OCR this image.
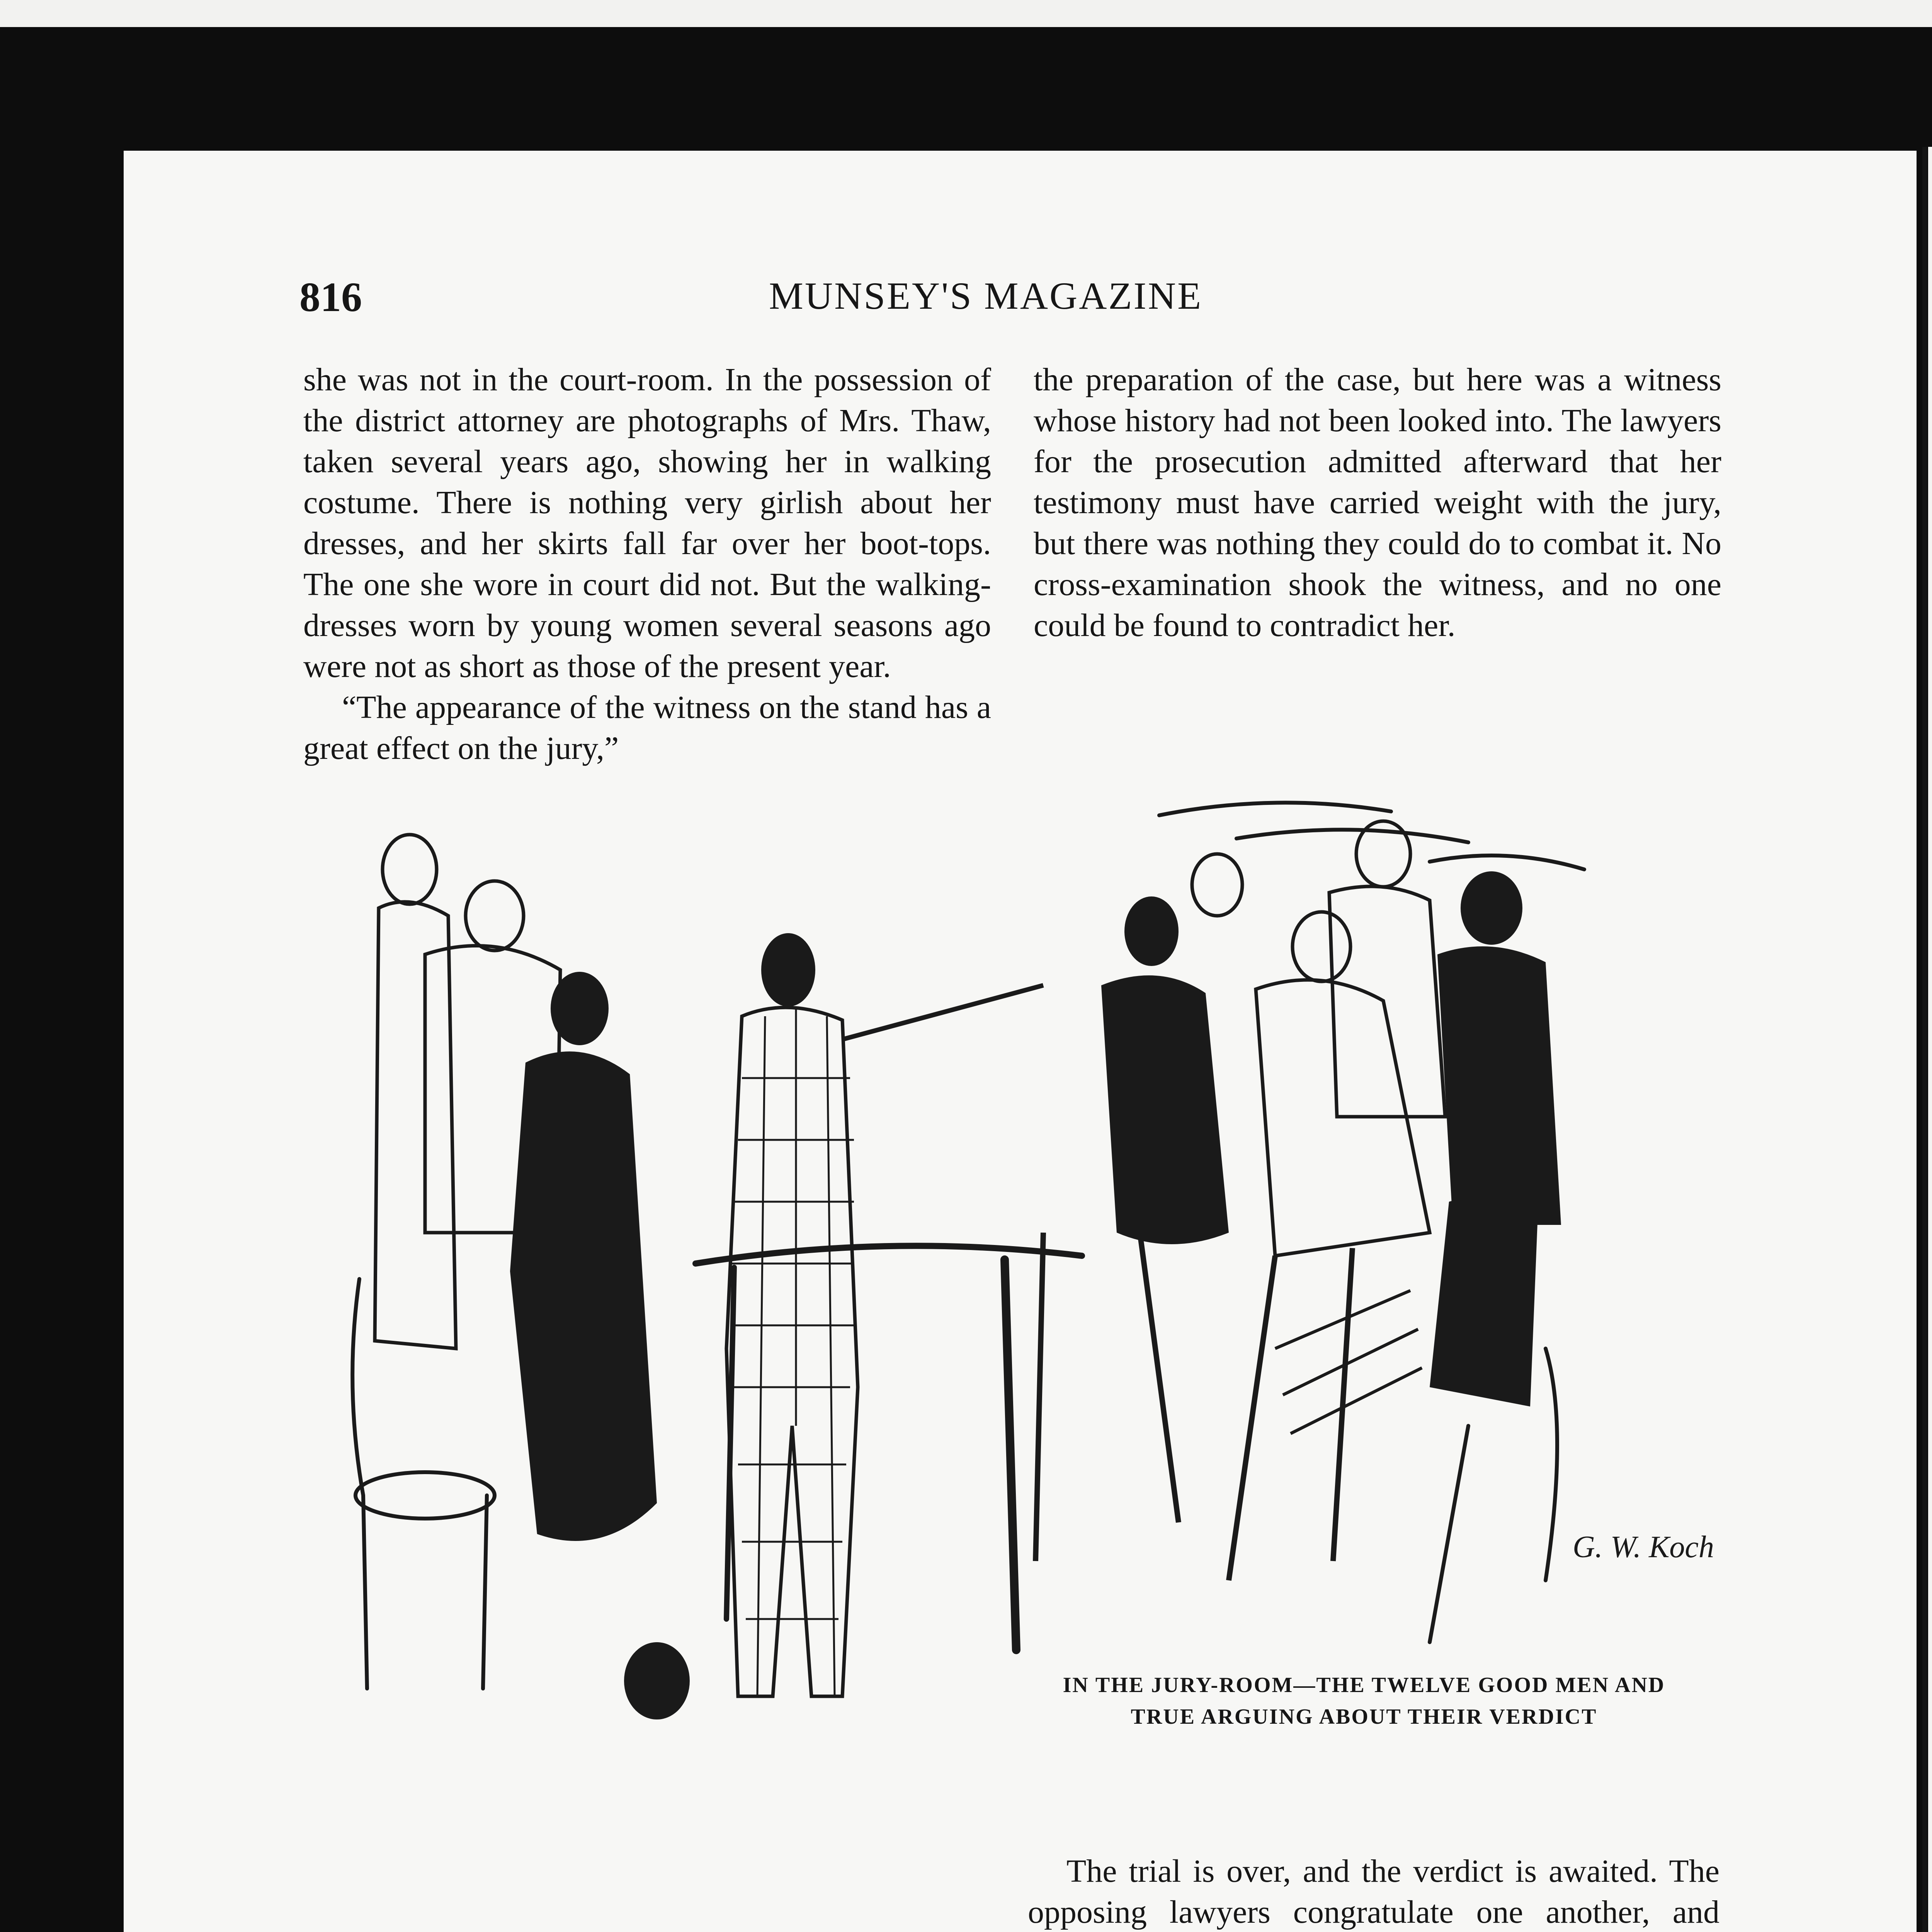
816	MUNSEY'S MAGAZINE

she was not in the court-room. In the possession of the district attorney are photographs of Mrs. Thaw, taken several years ago, showing her in walking costume. There is nothing very girlish about her dresses, and her skirts fall far over her boot-tops. The one she wore in court did not. But the walking-dresses worn by young women several seasons ago were not as short as those of the present year.

“The appearance of the witness on the stand has a great effect on the jury,”

the preparation of the case, but here was a witness whose history had not been looked into. The lawyers for the prosecution admitted afterward that her testimony must have carried weight with the jury, but there was nothing they could do to combat it. No cross-examination shook the witness, and no one could be found to contradict her.

G. W. Koch
IN THE JURY-ROOM—THE TWELVE GOOD MEN AND TRUE ARGUING ABOUT THEIR VERDICT

The trial is over, and the verdict is awaited. The opposing lawyers congratulate one another, and
